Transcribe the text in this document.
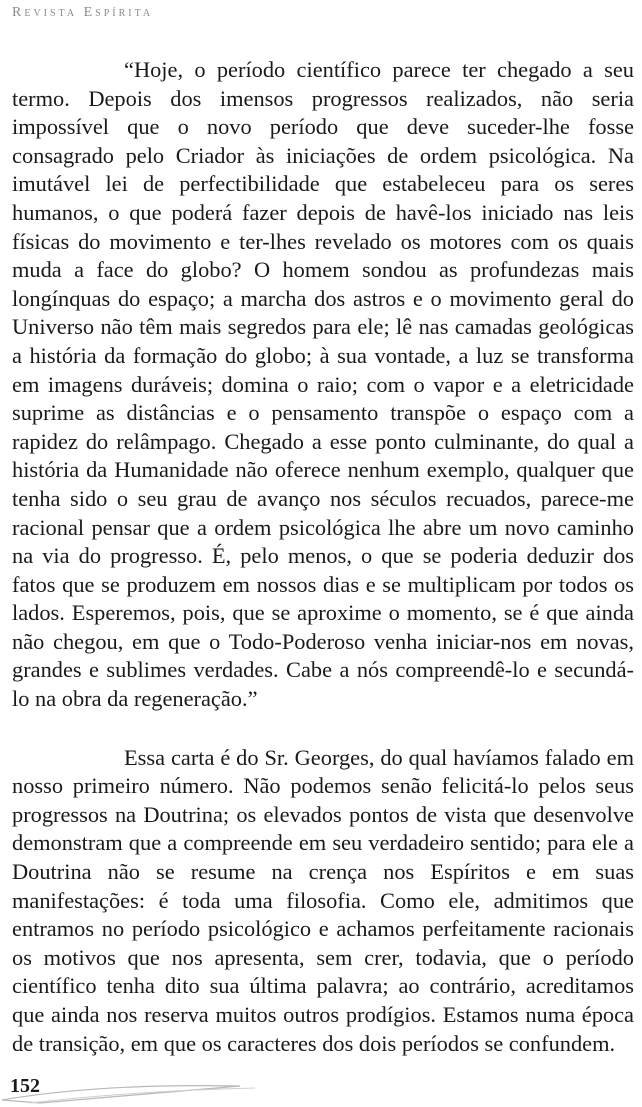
Revista Espírita

“Hoje, o período científico parece ter chegado a seu termo. Depois dos imensos progressos realizados, não seria impossível que o novo período que deve suceder-lhe fosse consagrado pelo Criador às iniciações de ordem psicológica. Na imutável lei de perfectibilidade que estabeleceu para os seres humanos, o que poderá fazer depois de havê-los iniciado nas leis físicas do movimento e ter-lhes revelado os motores com os quais muda a face do globo? O homem sondou as profundezas mais longínquas do espaço; a marcha dos astros e o movimento geral do Universo não têm mais segredos para ele; lê nas camadas geológicas a história da formação do globo; à sua vontade, a luz se transforma em imagens duráveis; domina o raio; com o vapor e a eletricidade suprime as distâncias e o pensamento transpõe o espaço com a rapidez do relâmpago. Chegado a esse ponto culminante, do qual a história da Humanidade não oferece nenhum exemplo, qualquer que tenha sido o seu grau de avanço nos séculos recuados, parece-me racional pensar que a ordem psicológica lhe abre um novo caminho na via do progresso. É, pelo menos, o que se poderia deduzir dos fatos que se produzem em nossos dias e se multiplicam por todos os lados. Esperemos, pois, que se aproxime o momento, se é que ainda não chegou, em que o Todo-Poderoso venha iniciar-nos em novas, grandes e sublimes verdades. Cabe a nós compreendê-lo e secundá-lo na obra da regeneração.”

Essa carta é do Sr. Georges, do qual havíamos falado em nosso primeiro número. Não podemos senão felicitá-lo pelos seus progressos na Doutrina; os elevados pontos de vista que desenvolve demonstram que a compreende em seu verdadeiro sentido; para ele a Doutrina não se resume na crença nos Espíritos e em suas manifestações: é toda uma filosofia. Como ele, admitimos que entramos no período psicológico e achamos perfeitamente racionais os motivos que nos apresenta, sem crer, todavia, que o período científico tenha dito sua última palavra; ao contrário, acreditamos que ainda nos reserva muitos outros prodígios. Estamos numa época de transição, em que os caracteres dos dois períodos se confundem.

152
